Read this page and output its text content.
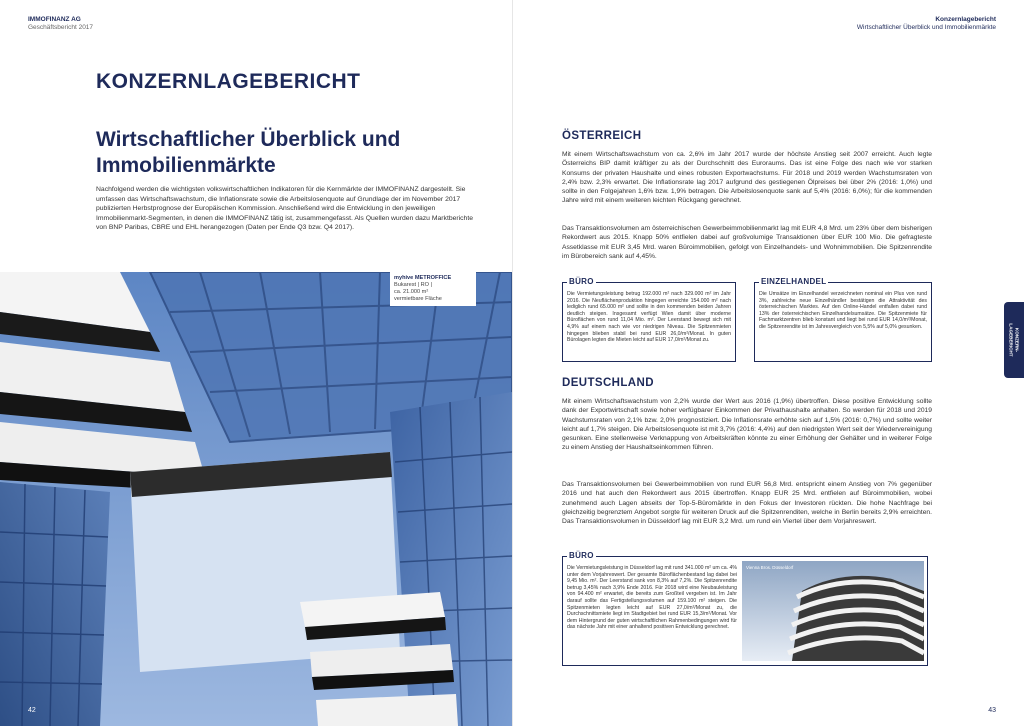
IMMOFINANZ AG
Geschäftsbericht 2017
KONZERNLAGEBERICHT
Wirtschaftlicher Überblick und Immobilienmärkte
Nachfolgend werden die wichtigsten volkswirtschaftlichen Indikatoren für die Kernmärkte der IMMOFINANZ dargestellt. Sie umfassen das Wirtschaftswachstum, die Inflationsrate sowie die Arbeitslosenquote auf Grundlage der im November 2017 publizierten Herbstprognose der Europäischen Kommission. Anschließend wird die Entwicklung in den jeweiligen Immobilienmarkt-Segmenten, in denen die IMMOFINANZ tätig ist, zusammengefasst. Als Quellen wurden dazu Marktberichte von BNP Paribas, CBRE und EHL herangezogen (Daten per Ende Q3 bzw. Q4 2017).
myhive METROFFICE
Bukarest | RO |
ca. 21.000 m²
vermietbare Fläche
42
Konzernlagebericht
Wirtschaftlicher Überblick und Immobilienmärkte
KONZERN-
LAGEBERICHT
43
ÖSTERREICH
Mit einem Wirtschaftswachstum von ca. 2,6% im Jahr 2017 wurde der höchste Anstieg seit 2007 erreicht. Auch legte Österreichs BIP damit kräftiger zu als der Durchschnitt des Euroraums. Das ist eine Folge des nach wie vor starken Konsums der privaten Haushalte und eines robusten Exportwachstums. Für 2018 und 2019 werden Wachstumsraten von 2,4% bzw. 2,3% erwartet. Die Inflationsrate lag 2017 aufgrund des gestiegenen Ölpreises bei über 2% (2016: 1,0%) und sollte in den Folgejahren 1,6% bzw. 1,9% betragen. Die Arbeitslosenquote sank auf 5,4% (2016: 6,0%); für die kommenden Jahre wird mit einem weiteren leichten Rückgang gerechnet.
Das Transaktionsvolumen am österreichischen Gewerbeimmobilienmarkt lag mit EUR 4,8 Mrd. um 23% über dem bisherigen Rekordwert aus 2015. Knapp 50% entfielen dabei auf großvolumige Transaktionen über EUR 100 Mio. Die gefragteste Assetklasse mit EUR 3,45 Mrd. waren Büroimmobilien, gefolgt von Einzelhandels- und Wohnimmobilien. Die Spitzenrendite im Bürobereich sank auf 4,45%.
BÜRO
Die Vermietungsleistung betrug 192.000 m² nach 329.000 m² im Jahr 2016. Die Neuflächenproduktion hingegen erreichte 154.000 m² nach lediglich rund 65.000 m² und sollte in den kommenden beiden Jahren deutlich steigen. Insgesamt verfügt Wien damit über moderne Büroflächen von rund 11,04 Mio. m². Der Leerstand bewegt sich mit 4,9% auf einem nach wie vor niedrigen Niveau. Die Spitzenmieten hingegen blieben stabil bei rund EUR 26,0/m²/Monat. In guten Bürolagen legten die Mieten leicht auf EUR 17,0/m²/Monat zu.
EINZELHANDEL
Die Umsätze im Einzelhandel verzeichneten nominal ein Plus von rund 3%, zahlreiche neue Einzelhändler bestätigen die Attraktivität des österreichischen Marktes. Auf den Online-Handel entfallen dabei rund 13% der österreichischen Einzelhandelsumsätze. Die Spitzenmiete für Fachmarktzentren blieb konstant und liegt bei rund EUR 14,0/m²/Monat, die Spitzenrendite ist im Jahresvergleich von 5,5% auf 5,0% gesunken.
DEUTSCHLAND
Mit einem Wirtschaftswachstum von 2,2% wurde der Wert aus 2016 (1,9%) übertroffen. Diese positive Entwicklung sollte dank der Exportwirtschaft sowie hoher verfügbarer Einkommen der Privathaushalte anhalten. So werden für 2018 und 2019 Wachstumsraten von 2,1% bzw. 2,0% prognostiziert. Die Inflationsrate erhöhte sich auf 1,5% (2016: 0,7%) und sollte weiter leicht auf 1,7% steigen. Die Arbeitslosenquote ist mit 3,7% (2016: 4,4%) auf den niedrigsten Wert seit der Wiedervereinigung gesunken. Eine stellenweise Verknappung von Arbeitskräften könnte zu einer Erhöhung der Gehälter und in weiterer Folge zu einem Anstieg der Haushaltseinkommen führen.
Das Transaktionsvolumen bei Gewerbeimmobilien von rund EUR 56,8 Mrd. entspricht einem Anstieg von 7% gegenüber 2016 und hat auch den Rekordwert aus 2015 übertroffen. Knapp EUR 25 Mrd. entfielen auf Büroimmobilien, wobei zunehmend auch Lagen abseits der Top-5-Büromärkte in den Fokus der Investoren rückten. Die hohe Nachfrage bei gleichzeitig begrenztem Angebot sorgte für weiteren Druck auf die Spitzenrenditen, welche in Berlin bereits 2,9% erreichten. Das Transaktionsvolumen in Düsseldorf lag mit EUR 3,2 Mrd. um rund ein Viertel über dem Vorjahreswert.
BÜRO
Die Vermietungsleistung in Düsseldorf lag mit rund 341.000 m² um ca. 4% unter dem Vorjahreswert. Der gesamte Büroflächenbestand lag dabei bei 9,45 Mio. m². Der Leerstand sank von 8,3% auf 7,2%. Die Spitzenrendite betrug 3,45% nach 3,9% Ende 2016. Für 2018 wird eine Neubauleistung von 94.400 m² erwartet, die bereits zum Großteil vergeben ist. Im Jahr darauf sollte das Fertigstellungsvolumen auf 159.100 m² steigen. Die Spitzenmieten legten leicht auf EUR 27,0/m²/Monat zu, die Durchschnittsmiete liegt im Stadtgebiet bei rund EUR 15,3/m²/Monat. Vor dem Hintergrund der guten wirtschaftlichen Rahmenbedingungen wird für das nächste Jahr mit einer anhaltend positiven Entwicklung gerechnet.
Vienna Bros. Düsseldorf
